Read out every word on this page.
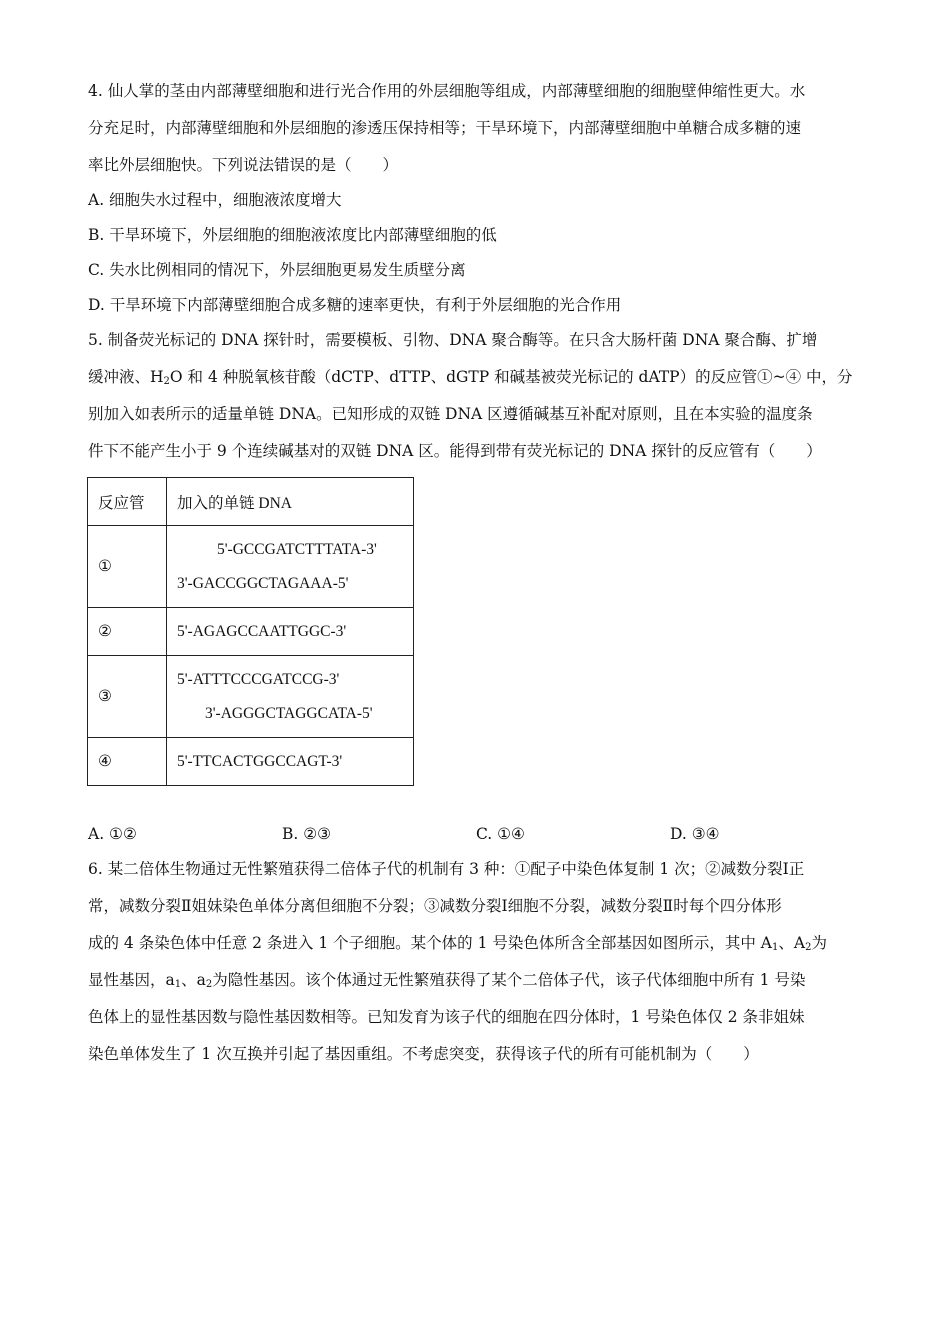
4. 仙人掌的茎由内部薄壁细胞和进行光合作用的外层细胞等组成，内部薄壁细胞的细胞壁伸缩性更大。水
分充足时，内部薄壁细胞和外层细胞的渗透压保持相等；干旱环境下，内部薄壁细胞中单糖合成多糖的速
率比外层细胞快。下列说法错误的是（　　）
A. 细胞失水过程中，细胞液浓度增大
B. 干旱环境下，外层细胞的细胞液浓度比内部薄壁细胞的低
C. 失水比例相同的情况下，外层细胞更易发生质壁分离
D. 干旱环境下内部薄壁细胞合成多糖的速率更快，有利于外层细胞的光合作用
5. 制备荧光标记的 DNA 探针时，需要模板、引物、DNA 聚合酶等。在只含大肠杆菌 DNA 聚合酶、扩增
缓冲液、$H_2O$ 和 4 种脱氧核苷酸（dCTP、dTTP、dGTP 和碱基被荧光标记的 dATP）的反应管①~④ 中，分
别加入如表所示的适量单链 DNA。已知形成的双链 DNA 区遵循碱基互补配对原则，且在本实验的温度条
件下不能产生小于 9 个连续碱基对的双链 DNA 区。能得到带有荧光标记的 DNA 探针的反应管有（　　）
反应管	加入的单链 DNA
①	5'-GCCGATCTTTATA-3'
3'-GACCGGCTAGAAA-5'

②	5'-AGAGCCAATTGGC-3'

③	5'-ATTTCCCGATCCG-3'
3'-AGGGCTAGGCATA-5'

④	5'-TTCACTGGCCAGT-3'
A. ①②	B. ②③	C. ①④	D. ③④
6. 某二倍体生物通过无性繁殖获得二倍体子代的机制有 3 种：①配子中染色体复制 1 次；②减数分裂Ⅰ正
常，减数分裂Ⅱ姐妹染色单体分离但细胞不分裂；③减数分裂Ⅰ细胞不分裂，减数分裂Ⅱ时每个四分体形
成的 4 条染色体中任意 2 条进入 1 个子细胞。某个体的 1 号染色体所含全部基因如图所示，其中 $A_1$、$A_2$为
显性基因，$a_1$、$a_2$为隐性基因。该个体通过无性繁殖获得了某个二倍体子代，该子代体细胞中所有 1 号染
色体上的显性基因数与隐性基因数相等。已知发育为该子代的细胞在四分体时，1 号染色体仅 2 条非姐妹
染色单体发生了 1 次互换并引起了基因重组。不考虑突变，获得该子代的所有可能机制为（　　）
